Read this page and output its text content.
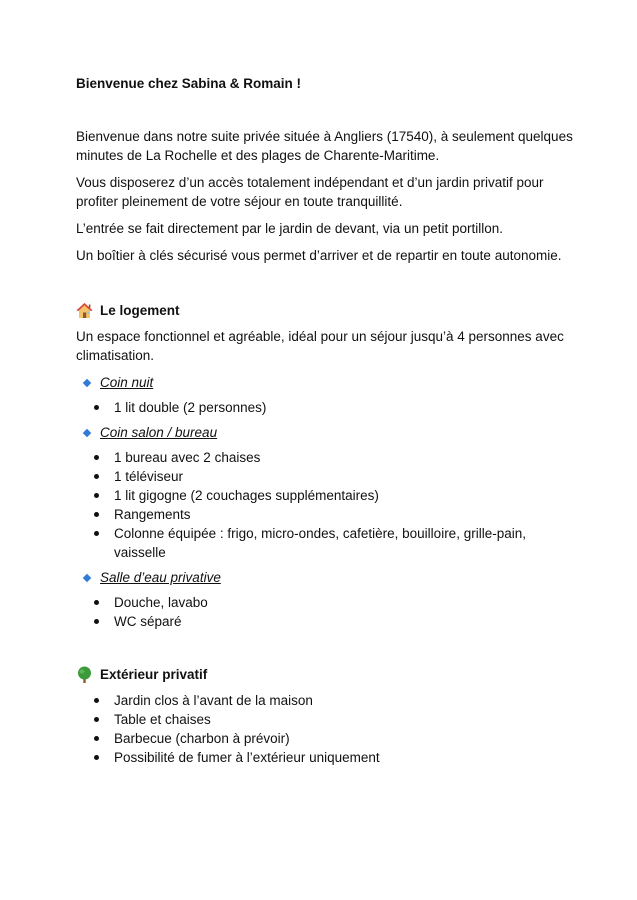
Bienvenue chez Sabina & Romain !

Bienvenue dans notre suite privée située à Angliers (17540), à seulement quelques minutes de La Rochelle et des plages de Charente-Maritime.

Vous disposerez d’un accès totalement indépendant et d’un jardin privatif pour profiter pleinement de votre séjour en toute tranquillité.

L’entrée se fait directement par le jardin de devant, via un petit portillon.

Un boîtier à clés sécurisé vous permet d’arriver et de repartir en toute autonomie.

Le logement

Un espace fonctionnel et agréable, idéal pour un séjour jusqu’à 4 personnes avec climatisation.

Coin nuit
1 lit double (2 personnes)
Coin salon / bureau
1 bureau avec 2 chaises
1 téléviseur
1 lit gigogne (2 couchages supplémentaires)
Rangements
Colonne équipée : frigo, micro-ondes, cafetière, bouilloire, grille-pain, vaisselle
Salle d’eau privative
Douche, lavabo
WC séparé
Extérieur privatif
Jardin clos à l’avant de la maison
Table et chaises
Barbecue (charbon à prévoir)
Possibilité de fumer à l’extérieur uniquement
